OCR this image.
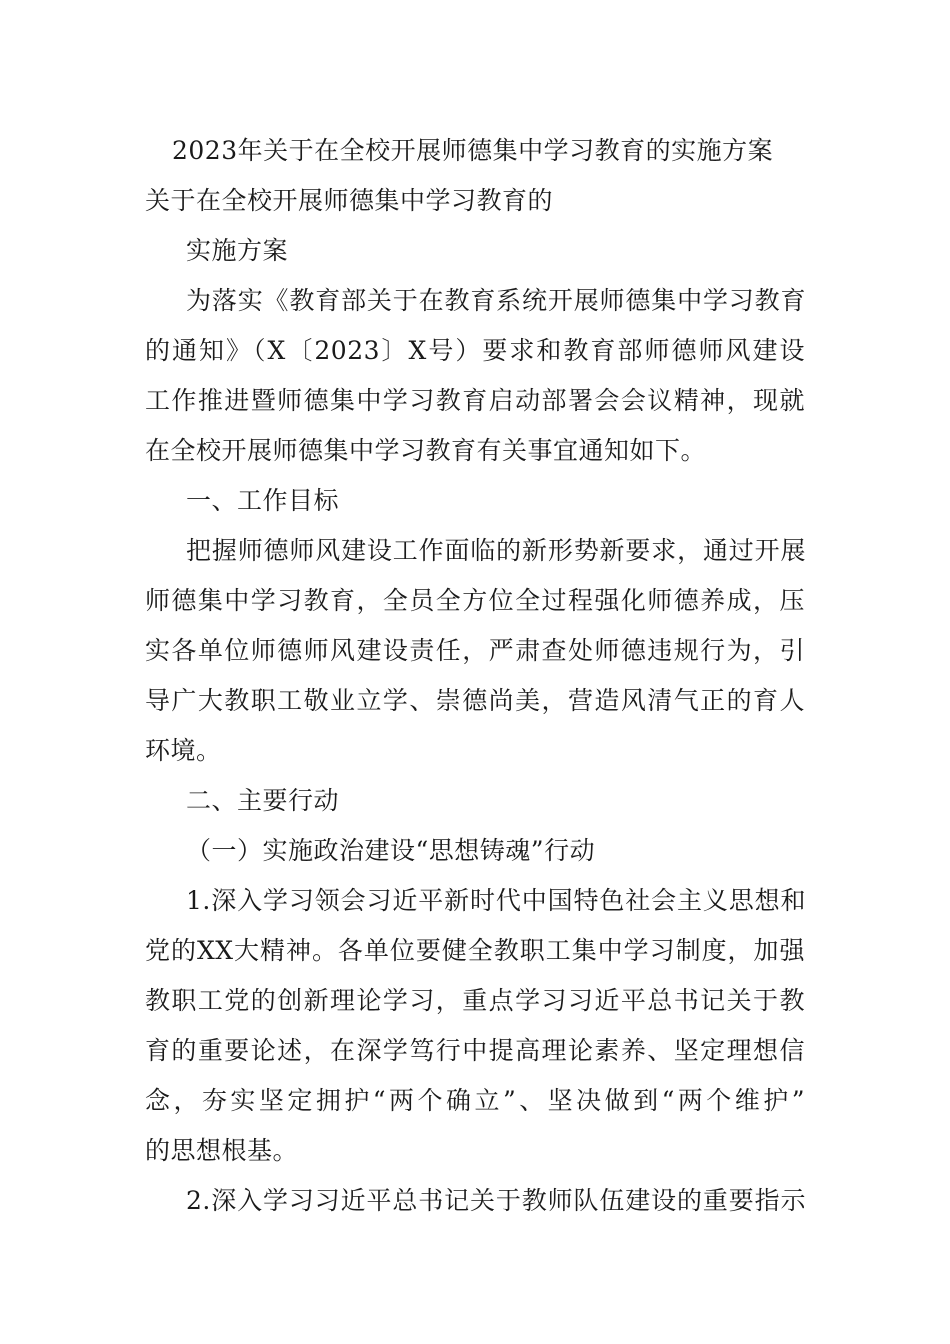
2023年关于在全校开展师德集中学习教育的实施方案
关于在全校开展师德集中学习教育的
实施方案
为落实《教育部关于在教育系统开展师德集中学习教育
的通知》（X〔2023〕X号）要求和教育部师德师风建设
工作推进暨师德集中学习教育启动部署会会议精神，现就
在全校开展师德集中学习教育有关事宜通知如下。
一、工作目标
把握师德师风建设工作面临的新形势新要求，通过开展
师德集中学习教育，全员全方位全过程强化师德养成，压
实各单位师德师风建设责任，严肃查处师德违规行为，引
导广大教职工敬业立学、崇德尚美，营造风清气正的育人
环境。
二、主要行动
（一）实施政治建设“思想铸魂”行动
1.深入学习领会习近平新时代中国特色社会主义思想和
党的XX大精神。各单位要健全教职工集中学习制度，加强
教职工党的创新理论学习，重点学习习近平总书记关于教
育的重要论述，在深学笃行中提高理论素养、坚定理想信
念，夯实坚定拥护“两个确立”、坚决做到“两个维护”
的思想根基。
2.深入学习习近平总书记关于教师队伍建设的重要指示
